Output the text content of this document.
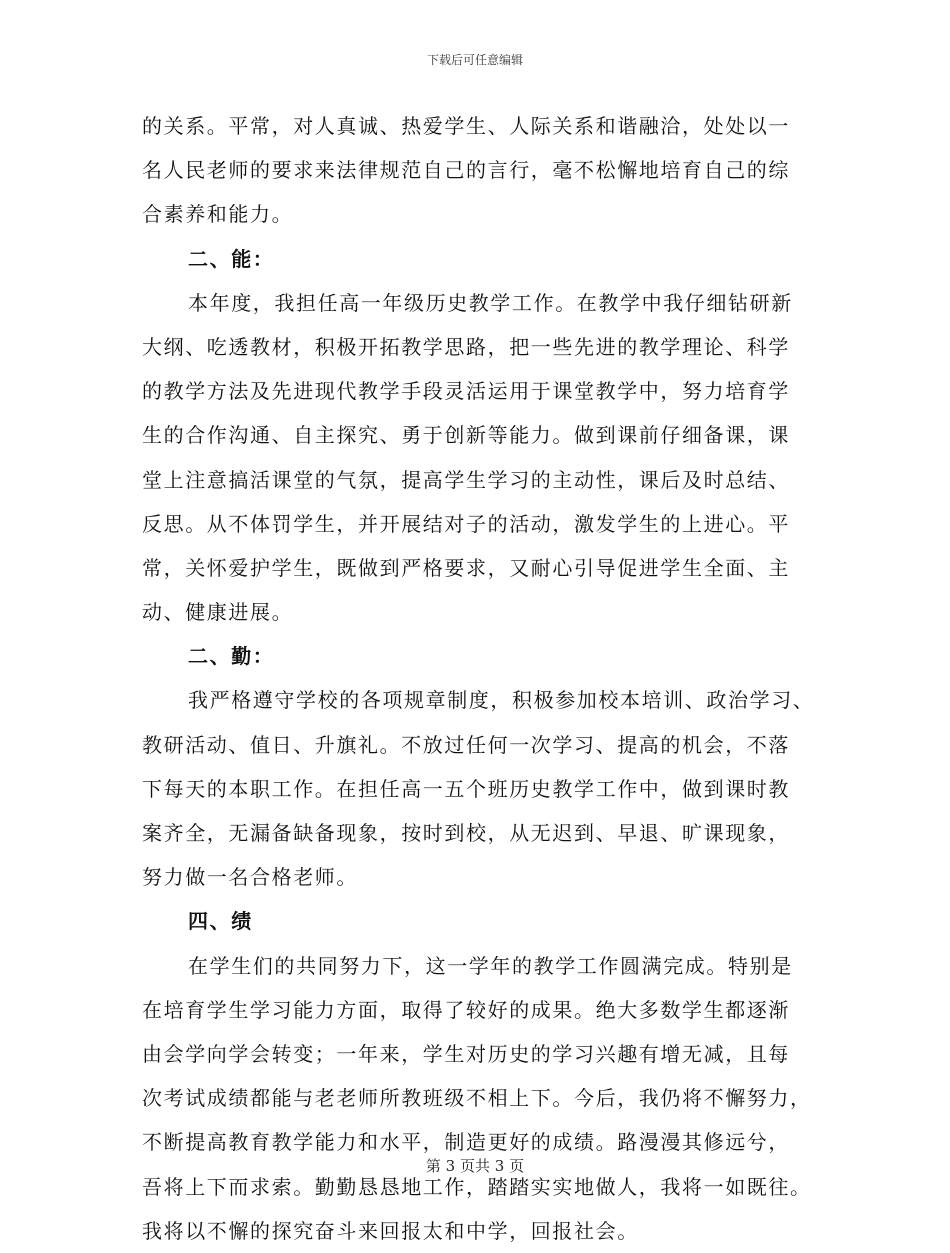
下载后可任意编辑
的关系。平常，对人真诚、热爱学生、人际关系和谐融洽，处处以一
名人民老师的要求来法律规范自己的言行，毫不松懈地培育自己的综
合素养和能力。
二、能：
本年度，我担任高一年级历史教学工作。在教学中我仔细钻研新
大纲、吃透教材，积极开拓教学思路，把一些先进的教学理论、科学
的教学方法及先进现代教学手段灵活运用于课堂教学中，努力培育学
生的合作沟通、自主探究、勇于创新等能力。做到课前仔细备课，课
堂上注意搞活课堂的气氛，提高学生学习的主动性，课后及时总结、
反思。从不体罚学生，并开展结对子的活动，激发学生的上进心。平
常，关怀爱护学生，既做到严格要求，又耐心引导促进学生全面、主
动、健康进展。
二、勤：
我严格遵守学校的各项规章制度，积极参加校本培训、政治学习、
教研活动、值日、升旗礼。不放过任何一次学习、提高的机会，不落
下每天的本职工作。在担任高一五个班历史教学工作中，做到课时教
案齐全，无漏备缺备现象，按时到校，从无迟到、早退、旷课现象，
努力做一名合格老师。
四、绩
在学生们的共同努力下，这一学年的教学工作圆满完成。特别是
在培育学生学习能力方面，取得了较好的成果。绝大多数学生都逐渐
由会学向学会转变；一年来，学生对历史的学习兴趣有增无减，且每
次考试成绩都能与老老师所教班级不相上下。今后，我仍将不懈努力，
不断提高教育教学能力和水平，制造更好的成绩。路漫漫其修远兮，
吾将上下而求索。勤勤恳恳地工作，踏踏实实地做人，我将一如既往。
我将以不懈的探究奋斗来回报太和中学，回报社会。
第 3 页共 3 页
